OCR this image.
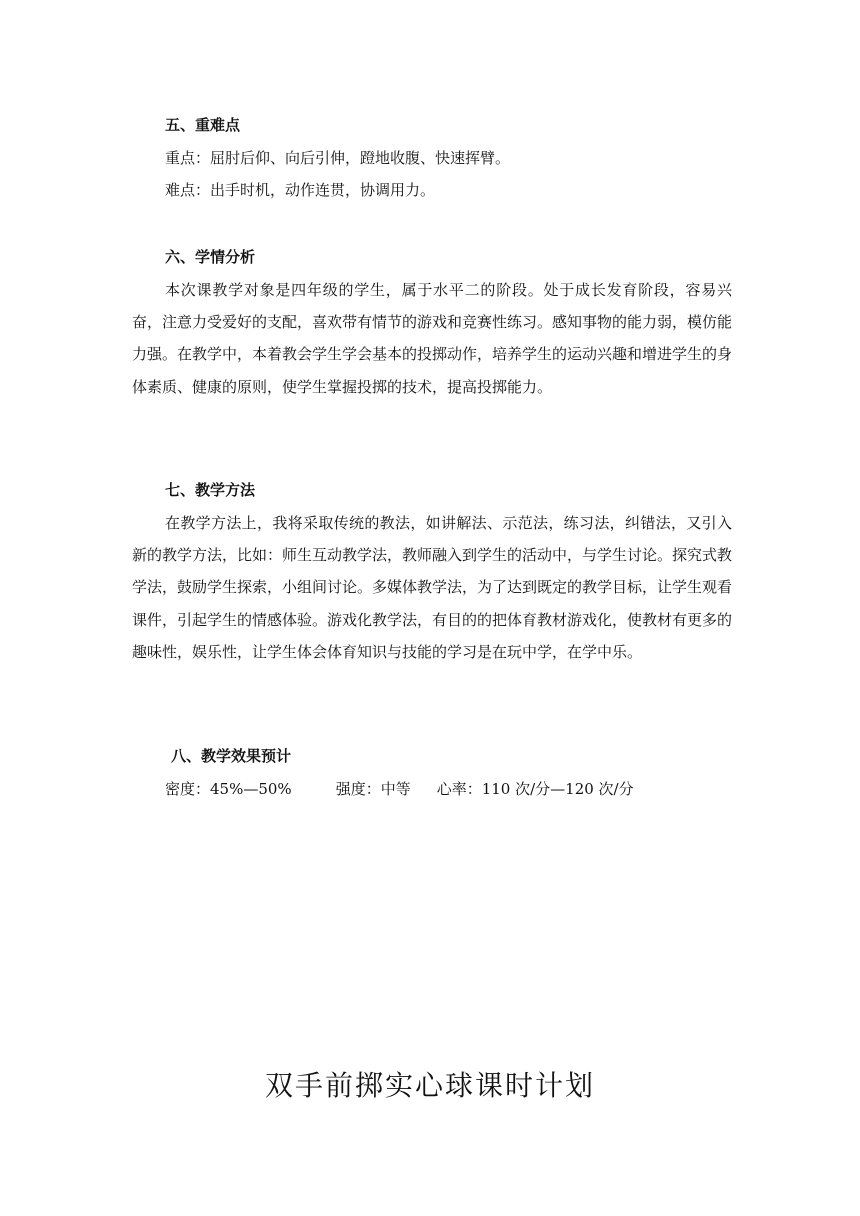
五、重难点
重点：屈肘后仰、向后引伸，蹬地收腹、快速挥臂。
难点：出手时机，动作连贯，协调用力。
六、学情分析

本次课教学对象是四年级的学生，属于水平二的阶段。处于成长发育阶段，容易兴奋，注意力受爱好的支配，喜欢带有情节的游戏和竞赛性练习。感知事物的能力弱，模仿能力强。在教学中，本着教会学生学会基本的投掷动作，培养学生的运动兴趣和增进学生的身体素质、健康的原则，使学生掌握投掷的技术，提高投掷能力。

七、教学方法

在教学方法上，我将采取传统的教法，如讲解法、示范法，练习法，纠错法，又引入新的教学方法，比如：师生互动教学法，教师融入到学生的活动中，与学生讨论。探究式教学法，鼓励学生探索，小组间讨论。多媒体教学法，为了达到既定的教学目标，让学生观看课件，引起学生的情感体验。游戏化教学法，有目的的把体育教材游戏化，使教材有更多的趣味性，娱乐性，让学生体会体育知识与技能的学习是在玩中学，在学中乐。

八、教学效果预计
密度：45%—50%	强度：中等 心率：110 次/分—120 次/分
双手前掷实心球课时计划
